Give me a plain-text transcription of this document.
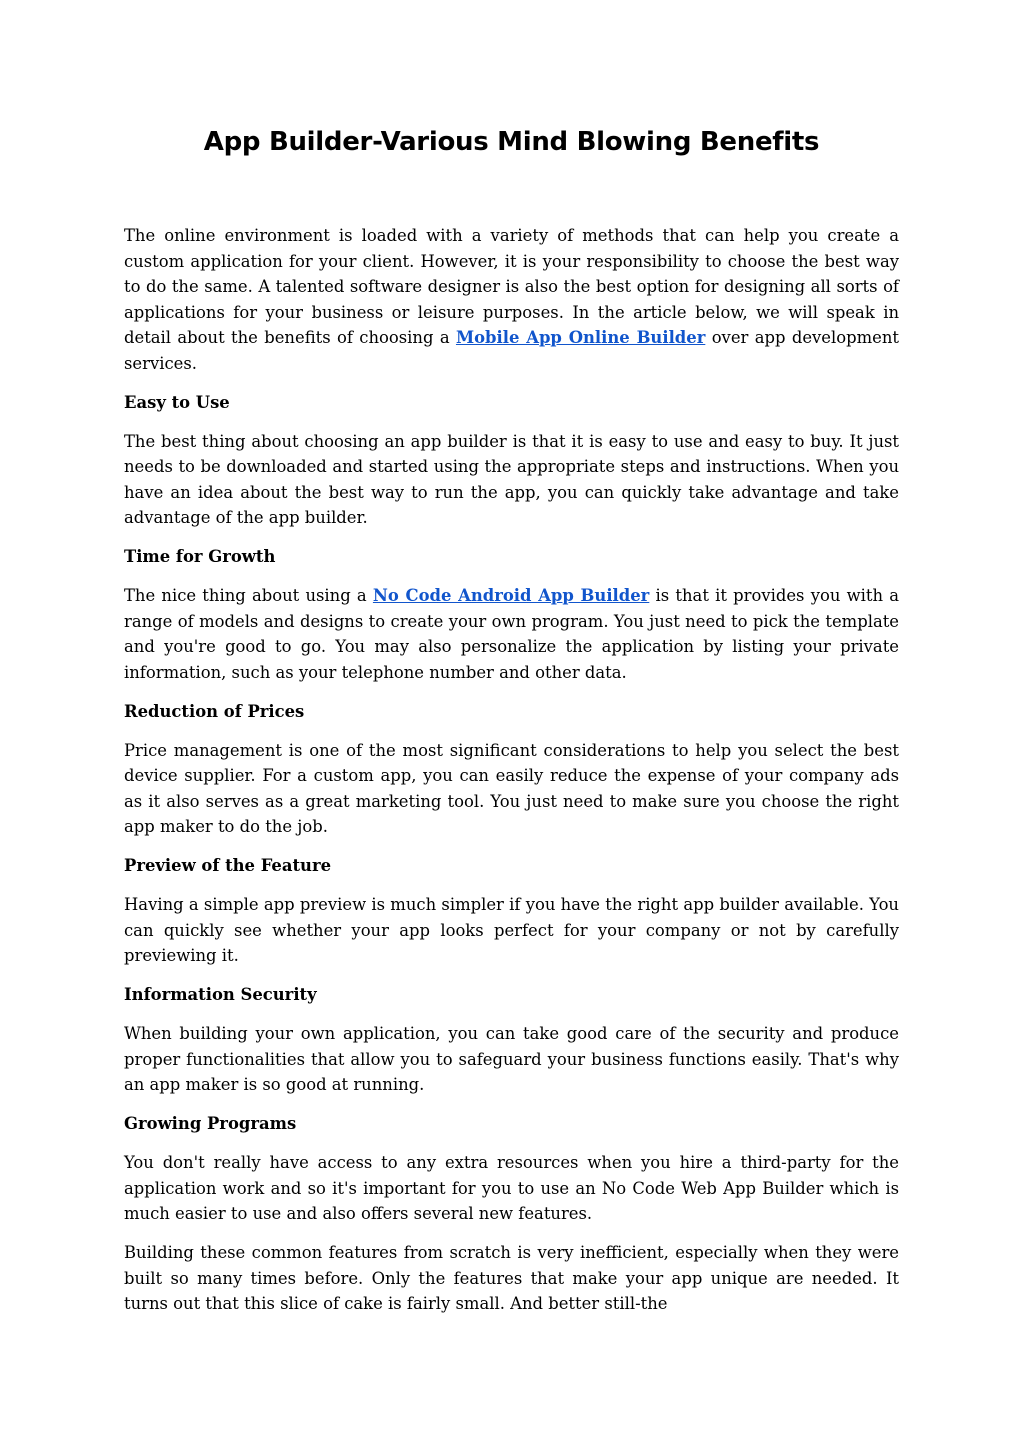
App Builder-Various Mind Blowing Benefits

The online environment is loaded with a variety of methods that can help you create a custom application for your client. However, it is your responsibility to choose the best way to do the same. A talented software designer is also the best option for designing all sorts of applications for your business or leisure purposes. In the article below, we will speak in detail about the benefits of choosing a Mobile App Online Builder over app development services.

Easy to Use

The best thing about choosing an app builder is that it is easy to use and easy to buy. It just needs to be downloaded and started using the appropriate steps and instructions. When you have an idea about the best way to run the app, you can quickly take advantage and take advantage of the app builder.

Time for Growth

The nice thing about using a No Code Android App Builder is that it provides you with a range of models and designs to create your own program. You just need to pick the template and you're good to go. You may also personalize the application by listing your private information, such as your telephone number and other data.

Reduction of Prices

Price management is one of the most significant considerations to help you select the best device supplier. For a custom app, you can easily reduce the expense of your company ads as it also serves as a great marketing tool. You just need to make sure you choose the right app maker to do the job.

Preview of the Feature

Having a simple app preview is much simpler if you have the right app builder available. You can quickly see whether your app looks perfect for your company or not by carefully previewing it.

Information Security

When building your own application, you can take good care of the security and produce proper functionalities that allow you to safeguard your business functions easily. That's why an app maker is so good at running.

Growing Programs

You don't really have access to any extra resources when you hire a third-party for the application work and so it's important for you to use an No Code Web App Builder which is much easier to use and also offers several new features.

Building these common features from scratch is very inefficient, especially when they were built so many times before. Only the features that make your app unique are needed. It turns out that this slice of cake is fairly small. And better still-the
